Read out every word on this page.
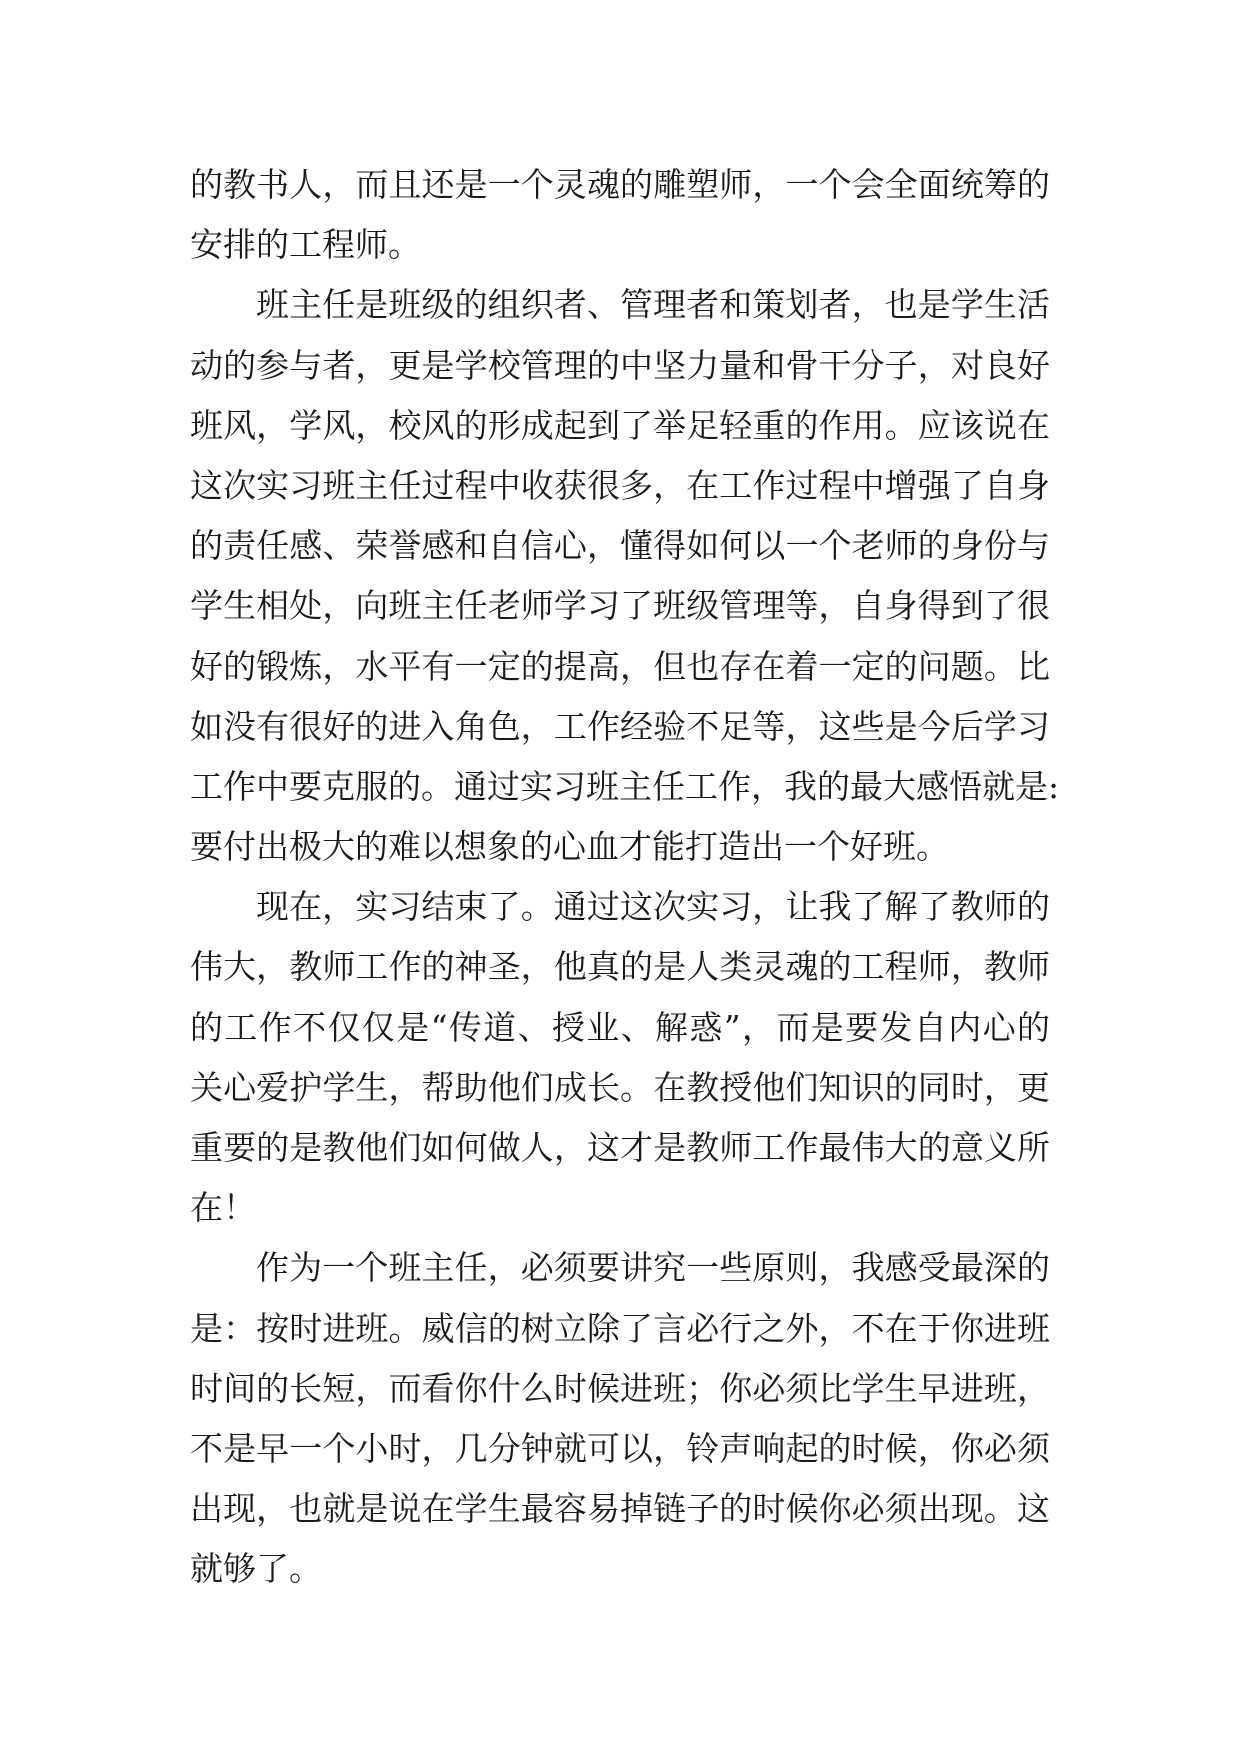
的教书人，而且还是一个灵魂的雕塑师，一个会全面统筹的
安排的工程师。
班主任是班级的组织者、管理者和策划者，也是学生活
动的参与者，更是学校管理的中坚力量和骨干分子，对良好
班风，学风，校风的形成起到了举足轻重的作用。应该说在
这次实习班主任过程中收获很多，在工作过程中增强了自身
的责任感、荣誉感和自信心，懂得如何以一个老师的身份与
学生相处，向班主任老师学习了班级管理等，自身得到了很
好的锻炼，水平有一定的提高，但也存在着一定的问题。比
如没有很好的进入角色，工作经验不足等，这些是今后学习
工作中要克服的。通过实习班主任工作，我的最大感悟就是:
要付出极大的难以想象的心血才能打造出一个好班。
现在，实习结束了。通过这次实习，让我了解了教师的
伟大，教师工作的神圣，他真的是人类灵魂的工程师，教师
的工作不仅仅是“传道、授业、解惑”，而是要发自内心的
关心爱护学生，帮助他们成长。在教授他们知识的同时，更
重要的是教他们如何做人，这才是教师工作最伟大的意义所
在！
作为一个班主任，必须要讲究一些原则，我感受最深的
是：按时进班。威信的树立除了言必行之外，不在于你进班
时间的长短，而看你什么时候进班；你必须比学生早进班，
不是早一个小时，几分钟就可以，铃声响起的时候，你必须
出现，也就是说在学生最容易掉链子的时候你必须出现。这
就够了。
